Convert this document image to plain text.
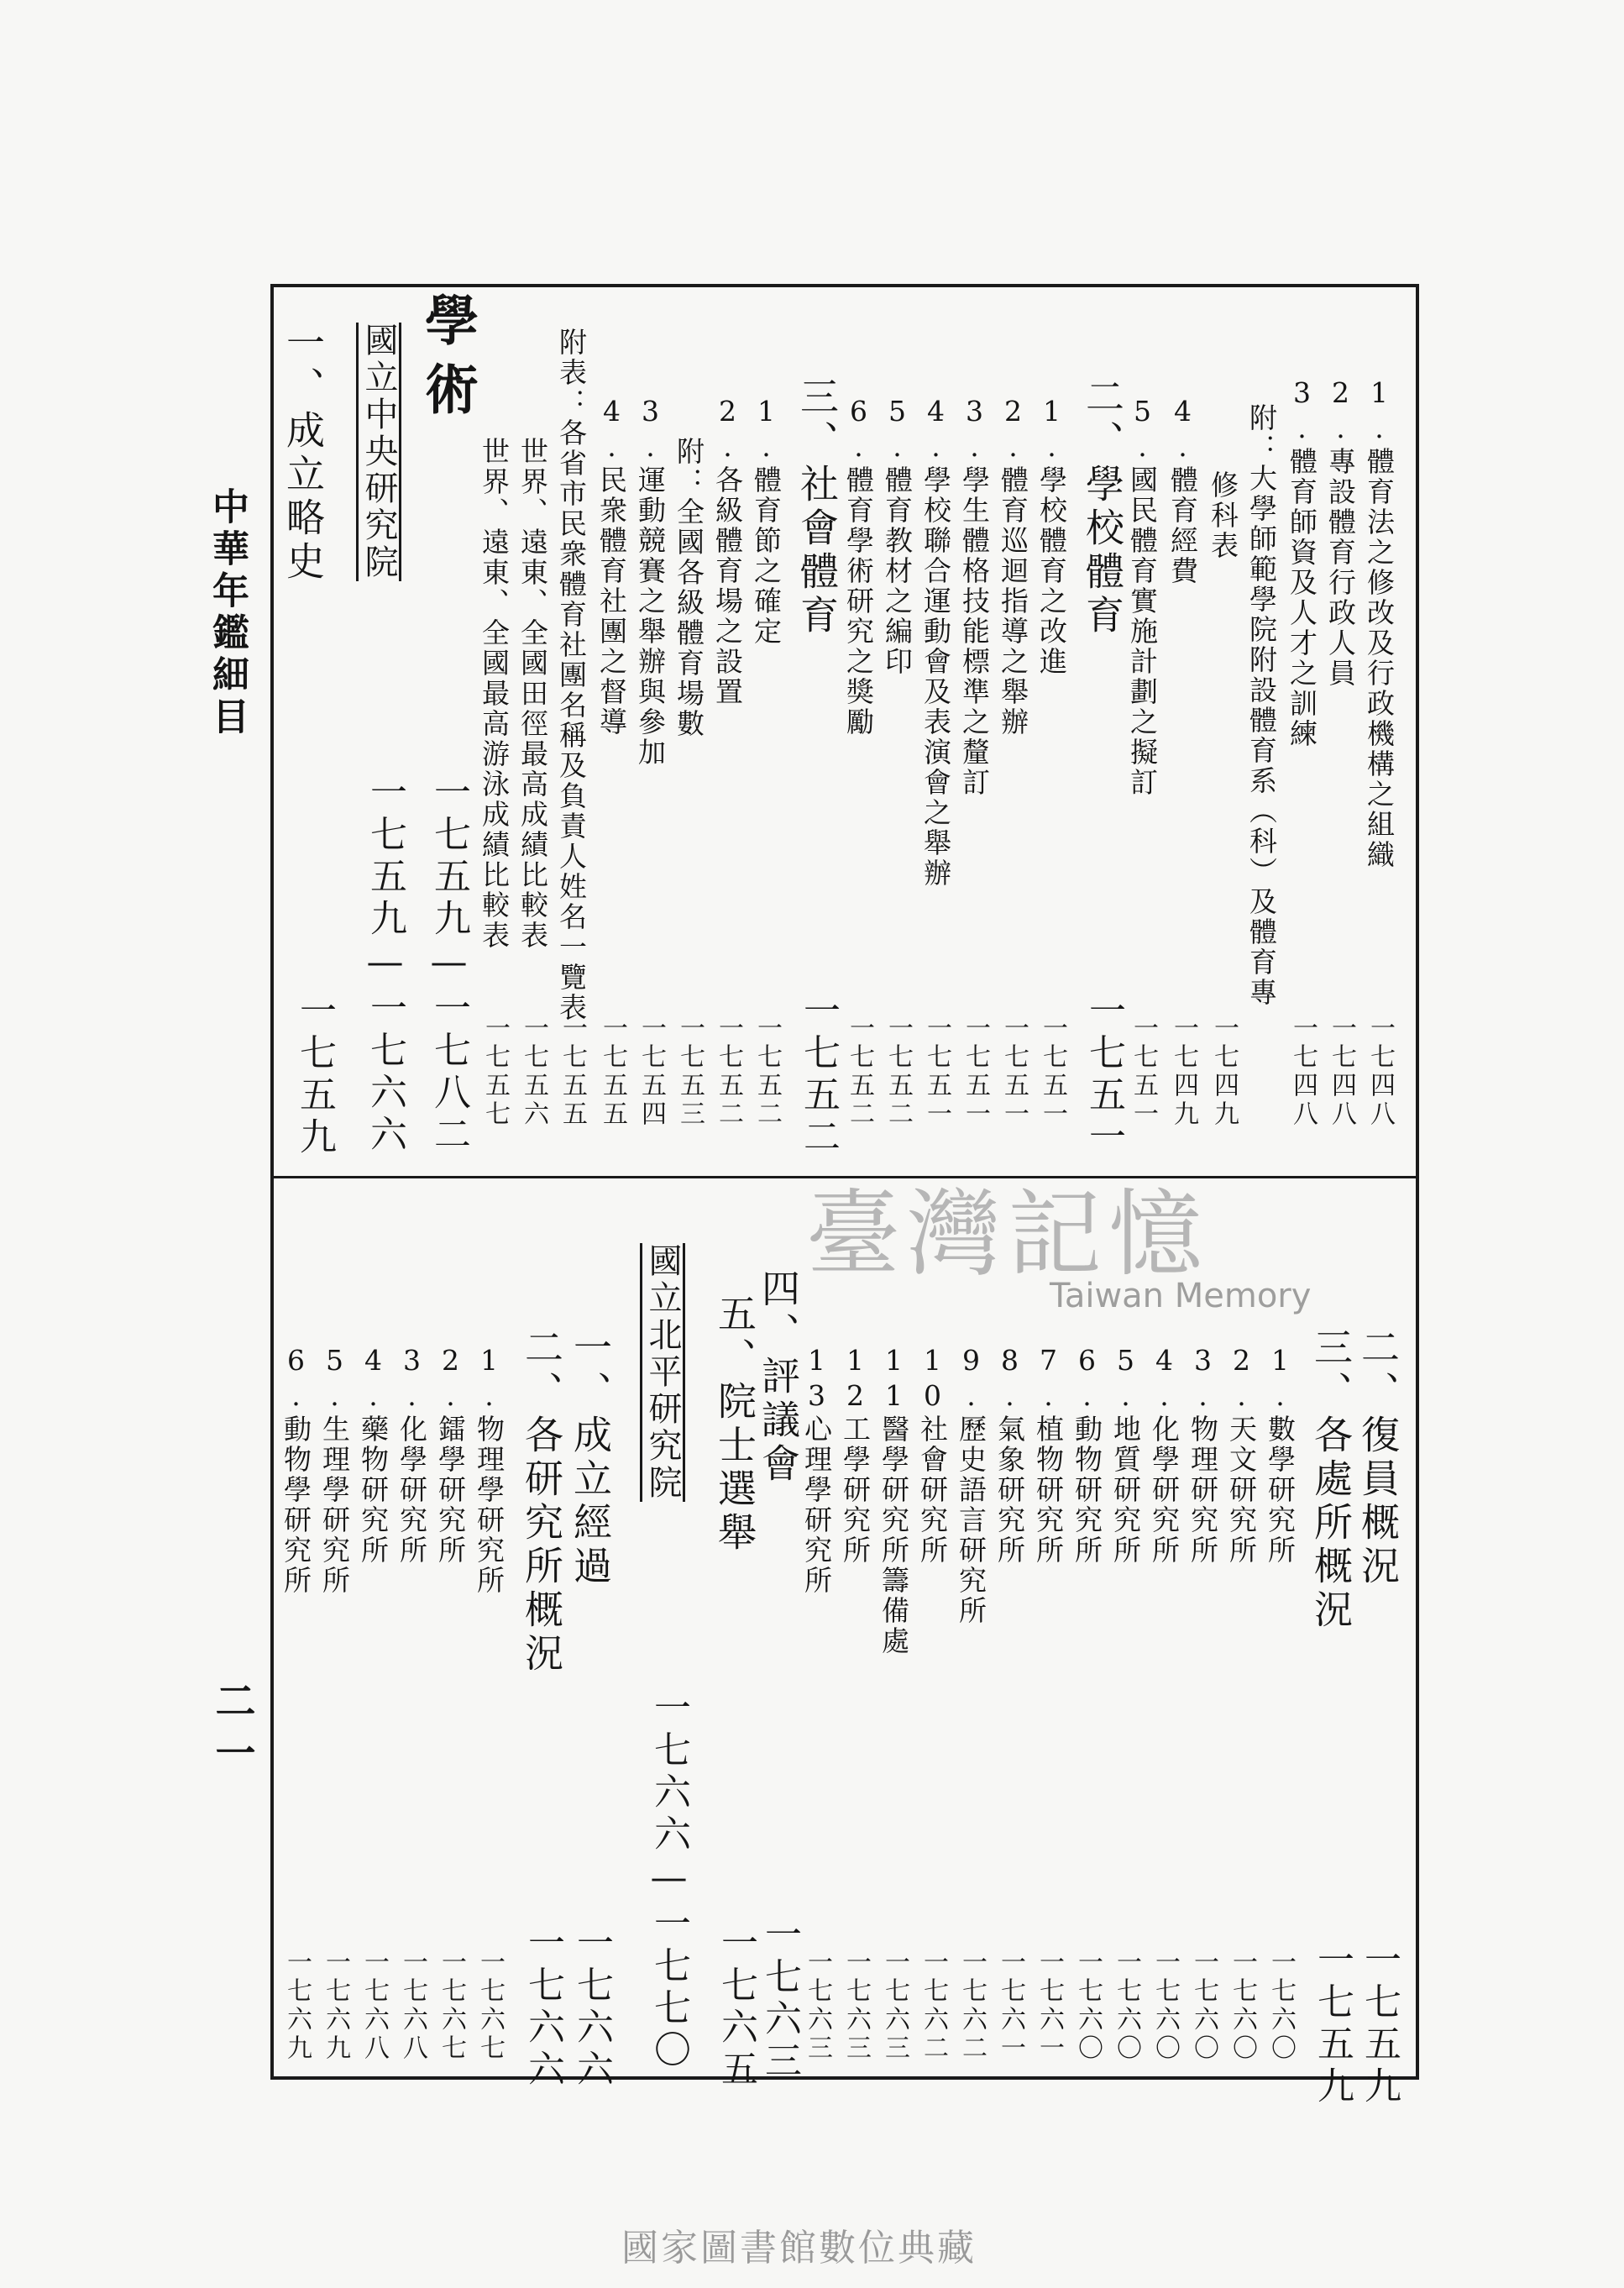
中華年鑑細目
二一
1.體育法之修改及行政機構之組織
2.專設體育行政人員
3.體育師資及人才之訓練
附：大學師範學院附設體育系（科）及體育專
修科表
4.體育經費
5.國民體育實施計劃之擬訂
二、學校體育
1.學校體育之改進
2.體育巡迴指導之舉辦
3.學生體格技能標準之釐訂
4.學校聯合運動會及表演會之舉辦
5.體育教材之編印
6.體育學術研究之獎勵
三、社會體育
1.體育節之確定
2.各級體育場之設置
附：全國各級體育場數
3.運動競賽之舉辦與參加
4.民衆體育社團之督導
附表：各省市民衆體育社團名稱及負責人姓名一覽表
世界、遠東、全國田徑最高成績比較表
世界、遠東、全國最高游泳成績比較表
學術
國立中央研究院
一、成立略史
一七五九—一七八二
一七五九—一七六六	一七四八
一七四八
一七四八
一七四九
一七四九
一七五一
一七五一
一七五一
一七五一
一七五一
一七五一
一七五二
一七五二
一七五二
一七五二
一七五二
一七五三
一七五四
一七五五
一七五五
一七五六
一七五七
一七五九
二、復員概況
三、各處所概況
1.數學研究所
2.天文研究所
3.物理研究所
4.化學研究所
5.地質研究所
6.動物研究所
7.植物研究所
8.氣象研究所
9.歷史語言研究所
10社會研究所
11醫學研究所籌備處
12工學研究所
13心理學研究所
四、評議會
五、院士選舉
國立北平研究院
一、成立經過
二、各研究所概況
1.物理學研究所
2.鐳學研究所
3.化學研究所
4.藥物研究所
5.生理學研究所
6.動物學研究所
一七六六—一七七〇	一七五九
一七五九
一七六〇
一七六〇
一七六〇
一七六〇
一七六〇
一七六〇
一七六一
一七六一
一七六二
一七六二
一七六三
一七六三
一七六三
一七六三
一七六五
一七六六
一七六六
一七六七
一七六七
一七六八
一七六八
一七六九
一七六九
臺灣記憶
Taiwan Memory
國家圖書館數位典藏
